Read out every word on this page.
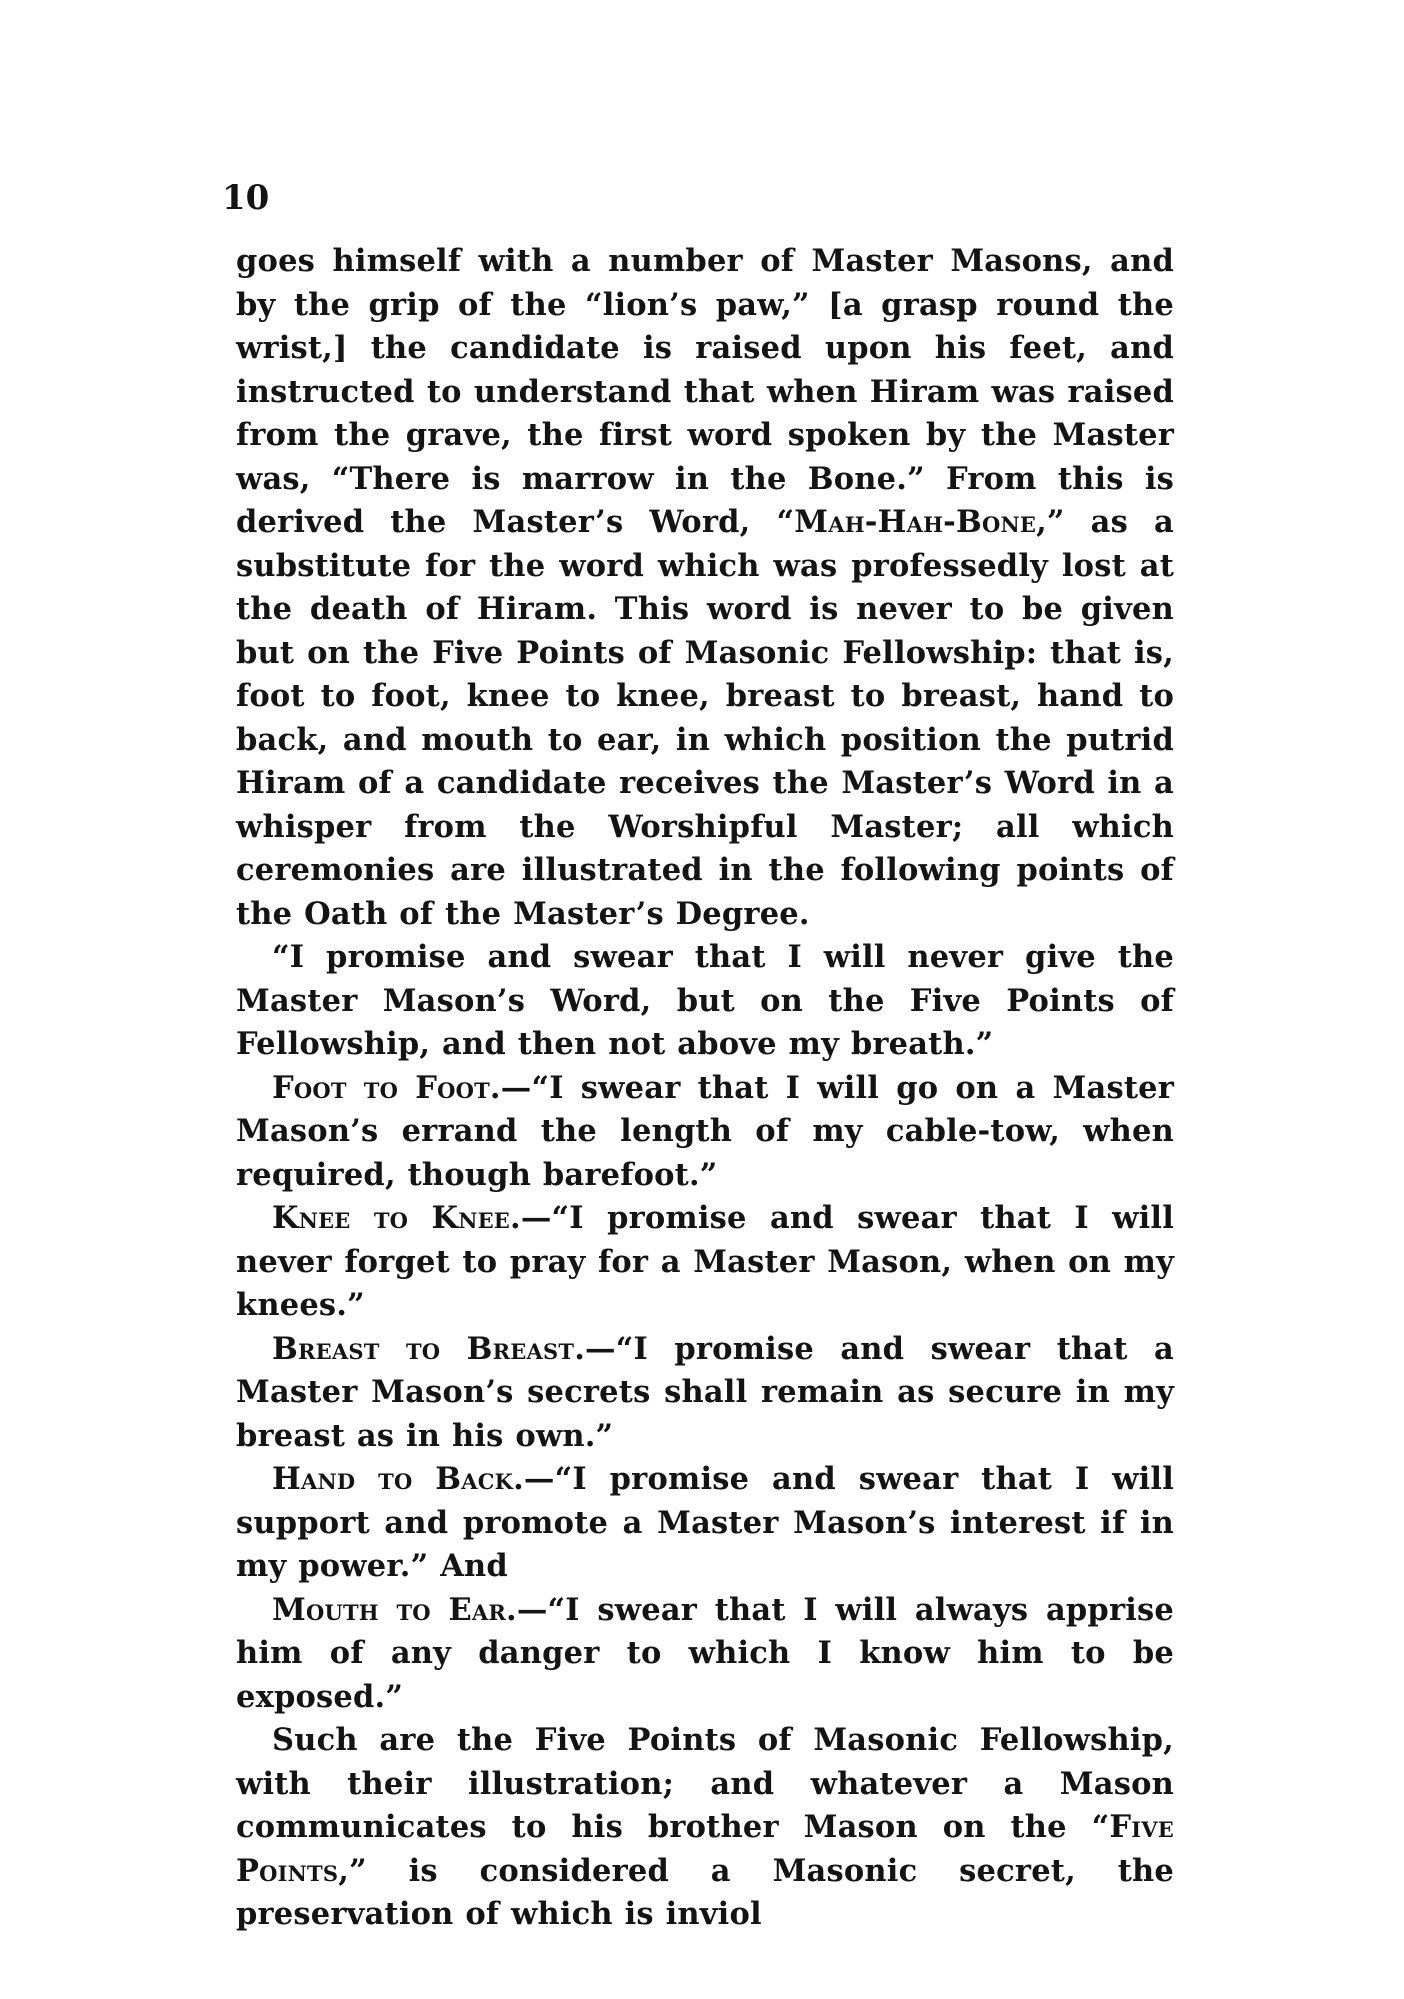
10

goes himself with a number of Master Masons, and by the grip of the “lion’s paw,” [a grasp round the wrist,] the candidate is raised upon his feet, and instructed to understand that when Hiram was raised from the grave, the first word spoken by the Master was, “There is marrow in the Bone.” From this is derived the Master’s Word, “Mah-Hah-Bone,” as a substitute for the word which was professedly lost at the death of Hiram. This word is never to be given but on the Five Points of Masonic Fellowship: that is, foot to foot, knee to knee, breast to breast, hand to back, and mouth to ear, in which position the putrid Hiram of a candidate receives the Master’s Word in a whisper from the Worshipful Master; all which ceremonies are illustrated in the following points of the Oath of the Master’s Degree.

“I promise and swear that I will never give the Master Mason’s Word, but on the Five Points of Fellowship, and then not above my breath.”

Foot to Foot.—“I swear that I will go on a Master Mason’s errand the length of my cable-tow, when required, though barefoot.”

Knee to Knee.—“I promise and swear that I will never forget to pray for a Master Mason, when on my knees.”

Breast to Breast.—“I promise and swear that a Master Mason’s secrets shall remain as secure in my breast as in his own.”

Hand to Back.—“I promise and swear that I will support and promote a Master Mason’s interest if in my power.” And

Mouth to Ear.—“I swear that I will always apprise him of any danger to which I know him to be exposed.”

Such are the Five Points of Masonic Fellowship, with their illustration; and whatever a Mason communicates to his brother Mason on the “Five Points,” is considered a Masonic secret, the preservation of which is inviol
